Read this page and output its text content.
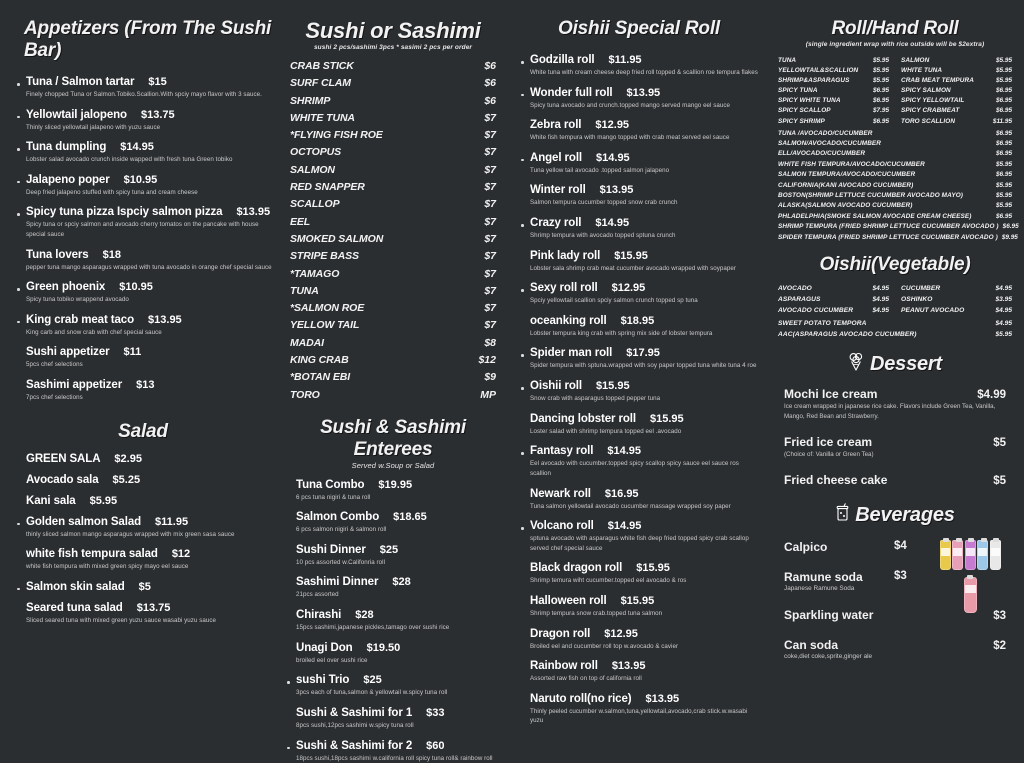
Appetizers (From The Sushi Bar)
Tuna / Salmon tartar $15
Finely chopped Tuna or Salmon.Tobiko.Scallion.With spciy mayo flavor with 3 sauce.
Yellowtail jalopeno $13.75
Thinly sliced yellowtail jalapeno with yuzu sauce
Tuna dumpling $14.95
Lobster salad avocado crunch inside wapped with fresh tuna Green tobiko
Jalapeno poper $10.95
Deep fried jalapeno stuffed with spicy tuna and cream cheese
Spicy tuna pizza Ispciy salmon pizza $13.95
Spicy tuna or spciy salmon and avocado cherry tomatos on the pancake with house special sauce
Tuna lovers $18
pepper tuna mango asparagus wrapped with tuna avocado in orange chef special sauce
Green phoenix $10.95
Spicy tuna tobiko wrappend avocado
King crab meat taco $13.95
King carb and snow crab with chef special sauce
Sushi appetizer $11
5pcs chef selections
Sashimi appetizer $13
7pcs chef selections
Salad
GREEN SALA $2.95
Avocado sala $5.25
Kani sala $5.95
Golden salmon Salad $11.95
thinly sliced salmon mango asparagus wrapped with mix green sasa sauce
white fish tempura salad $12
white fish tempura with mixed green spicy mayo eel sauce
Salmon skin salad $5
Seared tuna salad $13.75
Sliced seared tuna with mixed green yuzu sauce wasabi yuzu sauce
Sushi or Sashimi
sushi 2 pcs/sashimi 3pcs * sasimi 2 pcs per order
CRAB STICK	$6
SURF CLAM	$6
SHRIMP	$6
WHITE TUNA	$7
*FLYING FISH ROE	$7
OCTOPUS	$7
SALMON	$7
RED SNAPPER	$7
SCALLOP	$7
EEL	$7
SMOKED SALMON	$7
STRIPE BASS	$7
*TAMAGO	$7
TUNA	$7
*SALMON ROE	$7
YELLOW TAIL	$7
MADAI	$8
KING CRAB	$12
*BOTAN EBI	$9
TORO	MP
Sushi & Sashimi Enterees
Served w.Soup or Salad
Tuna Combo $19.95
6 pcs tuna nigiri & tuna roll
Salmon Combo $18.65
6 pcs salmon nigiri & salmon roll
Sushi Dinner $25
10 pcs assorted w.Califonria roll
Sashimi Dinner $28
21pcs assorted
Chirashi $28
15pcs sashimi,japanese pickles,tamago over sushi rice
Unagi Don $19.50
broiled eel over sushi rice
sushi Trio $25
3pcs each of tuna,salmon & yellowtail w.spicy tuna roll
Sushi & Sashimi for 1 $33
8pcs sushi,12pcs sashimi w.spicy tuna roll
Sushi & Sashimi for 2 $60
18pcs sushi,18pcs sashimi w.california roll spicy tuna roll& rainbow roll
Oishii Special Roll
Godzilla roll $11.95
White tuna with cream cheese deep fried roll topped & scallion roe tempura flakes
Wonder full roll $13.95
Spicy tuna avocado and crunch.topped mango served mango eel sauce
Zebra roll $12.95
White fish tempura with mango topped with crab meat served eel sauce
Angel roll $14.95
Tuna yellow tail avocado .topped salmon jalapeno
Winter roll $13.95
Salmon tempura cucumber topped snow crab crunch
Crazy roll $14.95
Shrimp tempura with avocado topped sptuna crunch
Pink lady roll $15.95
Lobster sala shrimp crab meat cucumber avocado wrapped with soypaper
Sexy roll roll $12.95
Spciy yellowtail scallion spciy salmon crunch topped sp tuna
oceanking roll $18.95
Lobster tempura king crab with spring mix side of lobster tempura
Spider man roll $17.95
Spider tempura with sptuna.wrapped with soy paper topped tuna white tuna 4 roe
Oishii roll $15.95
Snow crab with asparagus topped pepper tuna
Dancing lobster roll $15.95
Loster salad with shrimp tempura topped eel .avocado
Fantasy roll $14.95
Eel avocado with cucumber.topped spicy scallop spicy sauce eel sauce ros scallion
Newark roll $16.95
Tuna salmon yellowtail avocado cucumber massage wrapped soy paper
Volcano roll $14.95
sptuna avocado with asparagus white fish deep fried topped spicy crab scallop served chef special sauce
Black dragon roll $15.95
Shrimp temura wiht cucumber.topped eel avocado & ros
Halloween roll $15.95
Shrimp tempura snow crab.topped tuna salmon
Dragon roll $12.95
Broiled eel and cucumber roll top w.avocado & cavier
Rainbow roll $13.95
Assorted raw fish on top of california roll
Naruto roll(no rice) $13.95
Thinly peeled cucumber w.salmon,tuna,yellowtail,avocado,crab stick.w.wasabi yuzu
Roll/Hand Roll
(single ingredient wrap with rice outside will be $2extra)
TUNA	$5.95
YELLOWTAIL&SCALLION $5.95
SHRIMP&ASPARAGUS	$5.95
SPICY TUNA	$6.95
SPICY WHITE TUNA	$6.95
SPICY SCALLOP	$7.95
SPICY SHRIMP	$6.95
SALMON	$5.95
WHITE TUNA	$5.95
CRAB MEAT TEMPURA	$5.95
SPICY SALMON	$6.95
SPICY YELLOWTAIL	$6.95
SPICY CRABMEAT	$6.95
TORO SCALLION	$11.95
TUNA /AVOCADO/CUCUMBER	$6.95
SALMON/AVOCADO/CUCUMBER	$6.95
ELL/AVOCADO/CUCUMBER	$6.95
WHITE FISH TEMPURA/AVOCADO/CUCUMBER	$5.95
SALMON TEMPURA/AVOCADO/CUCUMBER	$6.95
CALIFORNIA(KANI AVOCADO CUCUMBER)	$5.95
BOSTON(SHRIMP LETTUCE CUCUMBER AVOCADO MAYO)	$5.95
ALASKA(SALMON AVOCADO CUCUMBER)	$5.95
PHLADELPHIA(SMOKE SALMON AVOCADE CREAM CHEESE)	$6.95
SHRIMP TEMPURA (FRIED SHRIMP LETTUCE CUCUMBER AVOCADO ) $6.95
SPIDER TEMPURA (FRIED SHRIMP LETTUCE CUCUMBER AVOCADO ) $9.95
Oishii(Vegetable)
AVOCADO	$4.95
ASPARAGUS	$4.95
AVOCADO CUCUMBER	$4.95
CUCUMBER	$4.95
OSHINKO	$3.95
PEANUT AVOCADO	$4.95
SWEET POTATO TEMPORA	$4.95
AAC(ASPARAGUS AVOCADO CUCUMBER)	$5.95
Dessert
Mochi Ice cream	$4.99
Ice cream wrapped in japanese rice cake. Flavors include Green Tea, Vanilla, Mango, Red Bean and Strawberry.
Fried ice cream	$5
(Choice of: Vanilla or Green Tea)
Fried cheese cake	$5
Beverages
Calpico	$4
Ramune soda	$3
Japanese Ramune Soda
Sparkling water	$3
Can soda	$2
coke,diet coke,sprite,ginger ale
